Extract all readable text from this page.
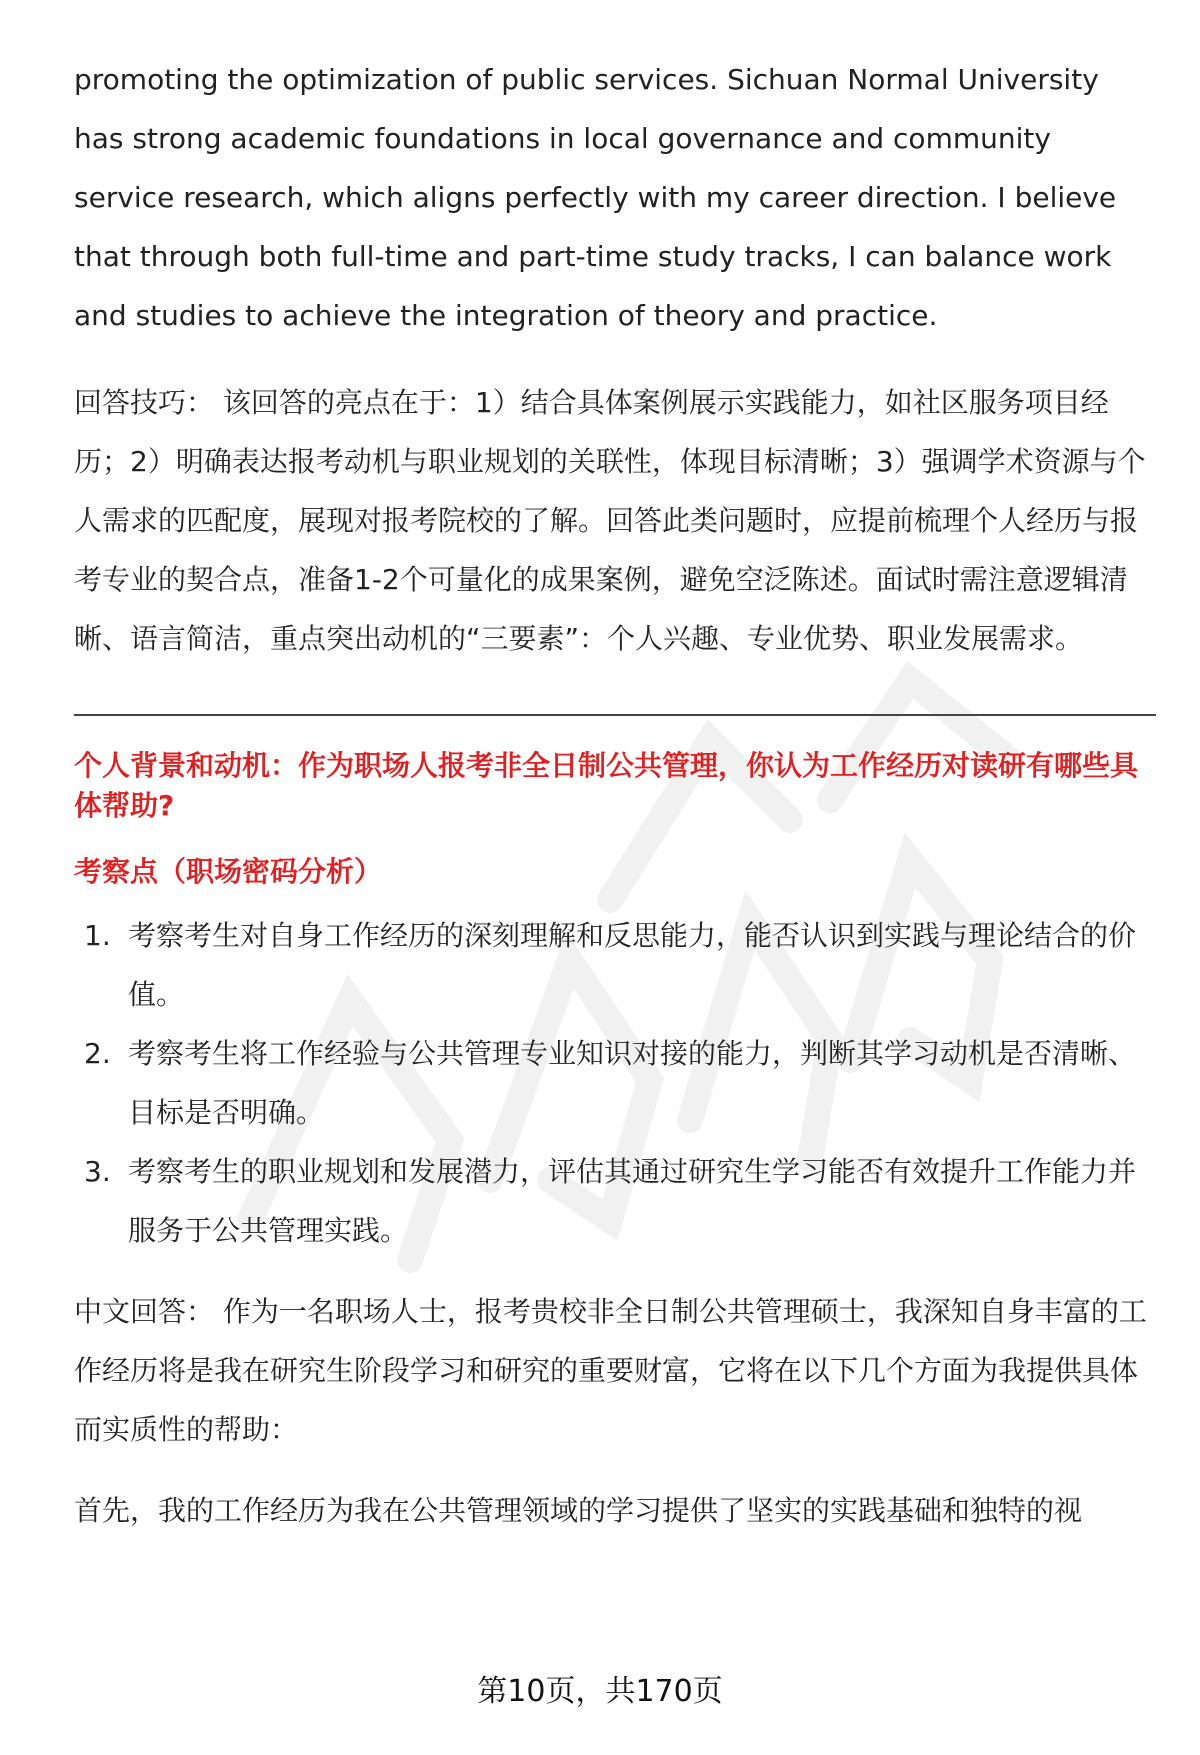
promoting the optimization of public services. Sichuan Normal University has strong academic foundations in local governance and community service research, which aligns perfectly with my career direction. I believe that through both full-time and part-time study tracks, I can balance work and studies to achieve the integration of theory and practice.

回答技巧： 该回答的亮点在于：1）结合具体案例展示实践能力，如社区服务项目经历；2）明确表达报考动机与职业规划的关联性，体现目标清晰；3）强调学术资源与个人需求的匹配度，展现对报考院校的了解。回答此类问题时，应提前梳理个人经历与报考专业的契合点，准备1-2个可量化的成果案例，避免空泛陈述。面试时需注意逻辑清晰、语言简洁，重点突出动机的“三要素”：个人兴趣、专业优势、职业发展需求。

个人背景和动机：作为职场人报考非全日制公共管理，你认为工作经历对读研有哪些具体帮助?

考察点（职场密码分析）

1. 考察考生对自身工作经历的深刻理解和反思能力，能否认识到实践与理论结合的价值。
2. 考察考生将工作经验与公共管理专业知识对接的能力，判断其学习动机是否清晰、目标是否明确。
3. 考察考生的职业规划和发展潜力，评估其通过研究生学习能否有效提升工作能力并服务于公共管理实践。

中文回答： 作为一名职场人士，报考贵校非全日制公共管理硕士，我深知自身丰富的工作经历将是我在研究生阶段学习和研究的重要财富，它将在以下几个方面为我提供具体而实质性的帮助：

首先，我的工作经历为我在公共管理领域的学习提供了坚实的实践基础和独特的视

第10页，共170页
